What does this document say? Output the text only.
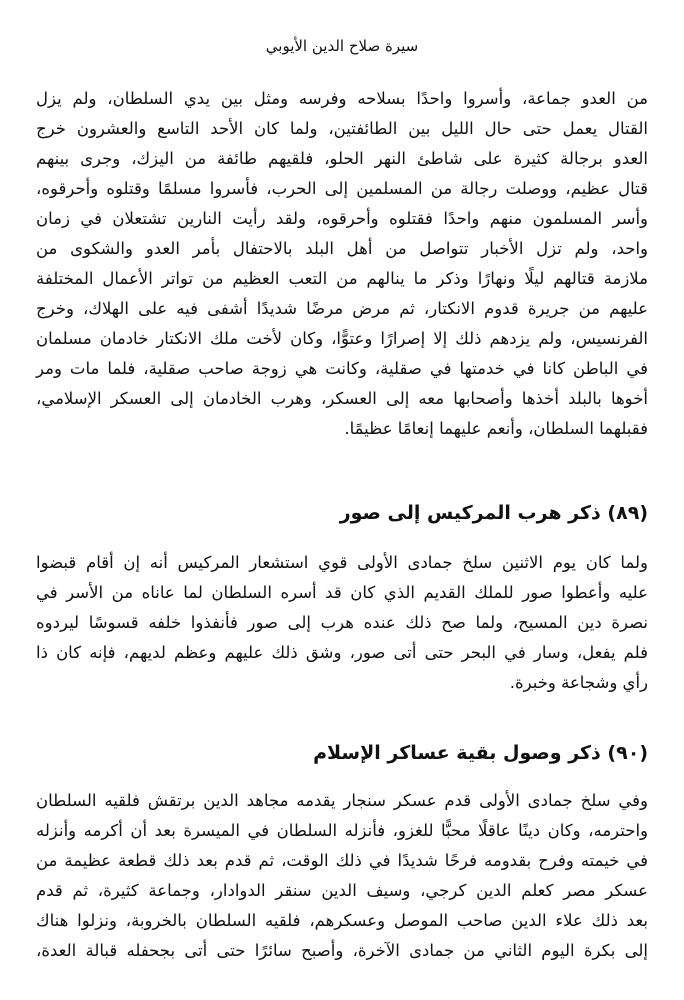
سيرة صلاح الدين الأيوبي
من العدو جماعة، وأسروا واحدًا بسلاحه وفرسه ومثل بين يدي السلطان، ولم يزل
القتال يعمل حتى حال الليل بين الطائفتين، ولما كان الأحد التاسع والعشرون خرج
العدو برجالة كثيرة على شاطئ النهر الحلو، فلقيهم طائفة من اليزك، وجرى بينهم
قتال عظيم، ووصلت رجالة من المسلمين إلى الحرب، فأسروا مسلمًا وقتلوه وأحرقوه،
وأسر المسلمون منهم واحدًا فقتلوه وأحرقوه، ولقد رأيت النارين تشتعلان في زمان
واحد، ولم تزل الأخبار تتواصل من أهل البلد بالاحتفال بأمر العدو والشكوى من
ملازمة قتالهم ليلًا ونهارًا وذكر ما ينالهم من التعب العظيم من تواتر الأعمال المختلفة
عليهم من جريرة قدوم الانكتار، ثم مرض مرضًا شديدًا أشفى فيه على الهلاك، وخرج
الفرنسيس، ولم يزدهم ذلك إلا إصرارًا وعتوًّا، وكان لأخت ملك الانكتار خادمان مسلمان
في الباطن كانا في خدمتها في صقلية، وكانت هي زوجة صاحب صقلية، فلما مات ومر
أخوها بالبلد أخذها وأصحابها معه إلى العسكر، وهرب الخادمان إلى العسكر الإسلامي،
فقبلهما السلطان، وأنعم عليهما إنعامًا عظيمًا.
(٨٩) ذكر هرب المركيس إلى صور
ولما كان يوم الاثنين سلخ جمادى الأولى قوي استشعار المركيس أنه إن أقام قبضوا
عليه وأعطوا صور للملك القديم الذي كان قد أسره السلطان لما عاناه من الأسر في
نصرة دين المسيح، ولما صح ذلك عنده هرب إلى صور فأنفذوا خلفه قسوسًا ليردوه
فلم يفعل، وسار في البحر حتى أتى صور، وشق ذلك عليهم وعظم لديهم، فإنه كان ذا
رأي وشجاعة وخبرة.
(٩٠) ذكر وصول بقية عساكر الإسلام
وفي سلخ جمادى الأولى قدم عسكر سنجار يقدمه مجاهد الدين برتقش فلقيه السلطان
واحترمه، وكان دينًا عاقلًا محبًّا للغزو، فأنزله السلطان في الميسرة بعد أن أكرمه وأنزله
في خيمته وفرح بقدومه فرحًا شديدًا في ذلك الوقت، ثم قدم بعد ذلك قطعة عظيمة من
عسكر مصر كعلم الدين كرجي، وسيف الدين سنقر الدوادار، وجماعة كثيرة، ثم قدم
بعد ذلك علاء الدين صاحب الموصل وعسكرهم، فلقيه السلطان بالخروبة، ونزلوا هناك
إلى بكرة اليوم الثاني من جمادى الآخرة، وأصبح سائرًا حتى أتى بجحفله قبالة العدة،
